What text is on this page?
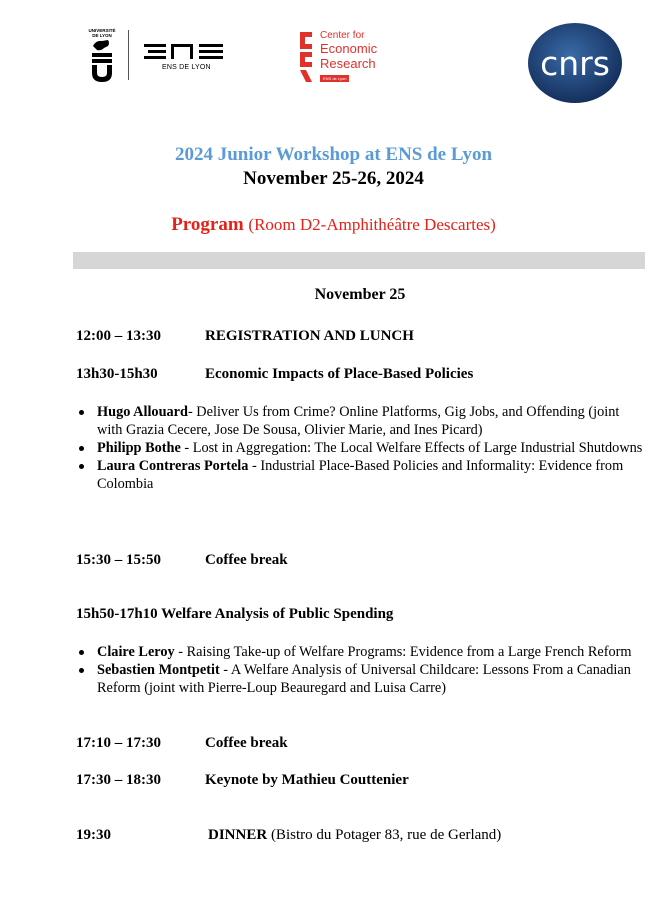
UNIVERSITÉ DE LYON
ENS DE LYON
Center for
Economic
Research
ENS de Lyon	cnrs
2024 Junior Workshop at ENS de Lyon
November 25-26, 2024
Program (Room D2-Amphithéâtre Descartes)
November 25
12:00 – 13:30	REGISTRATION AND LUNCH
13h30-15h30	Economic Impacts of Place-Based Policies
Hugo Allouard- Deliver Us from Crime? Online Platforms, Gig Jobs, and Offending (joint with Grazia Cecere, Jose De Sousa, Olivier Marie, and Ines Picard)
Philipp Bothe - Lost in Aggregation: The Local Welfare Effects of Large Industrial Shutdowns
Laura Contreras Portela - Industrial Place-Based Policies and Informality: Evidence from Colombia
15:30 – 15:50	Coffee break
15h50-17h10 Welfare Analysis of Public Spending
Claire Leroy - Raising Take-up of Welfare Programs: Evidence from a Large French Reform
Sebastien Montpetit - A Welfare Analysis of Universal Childcare: Lessons From a Canadian Reform (joint with Pierre-Loup Beauregard and Luisa Carre)
17:10 – 17:30	Coffee break
17:30 – 18:30	Keynote by Mathieu Couttenier
19:30	DINNER (Bistro du Potager 83, rue de Gerland)
